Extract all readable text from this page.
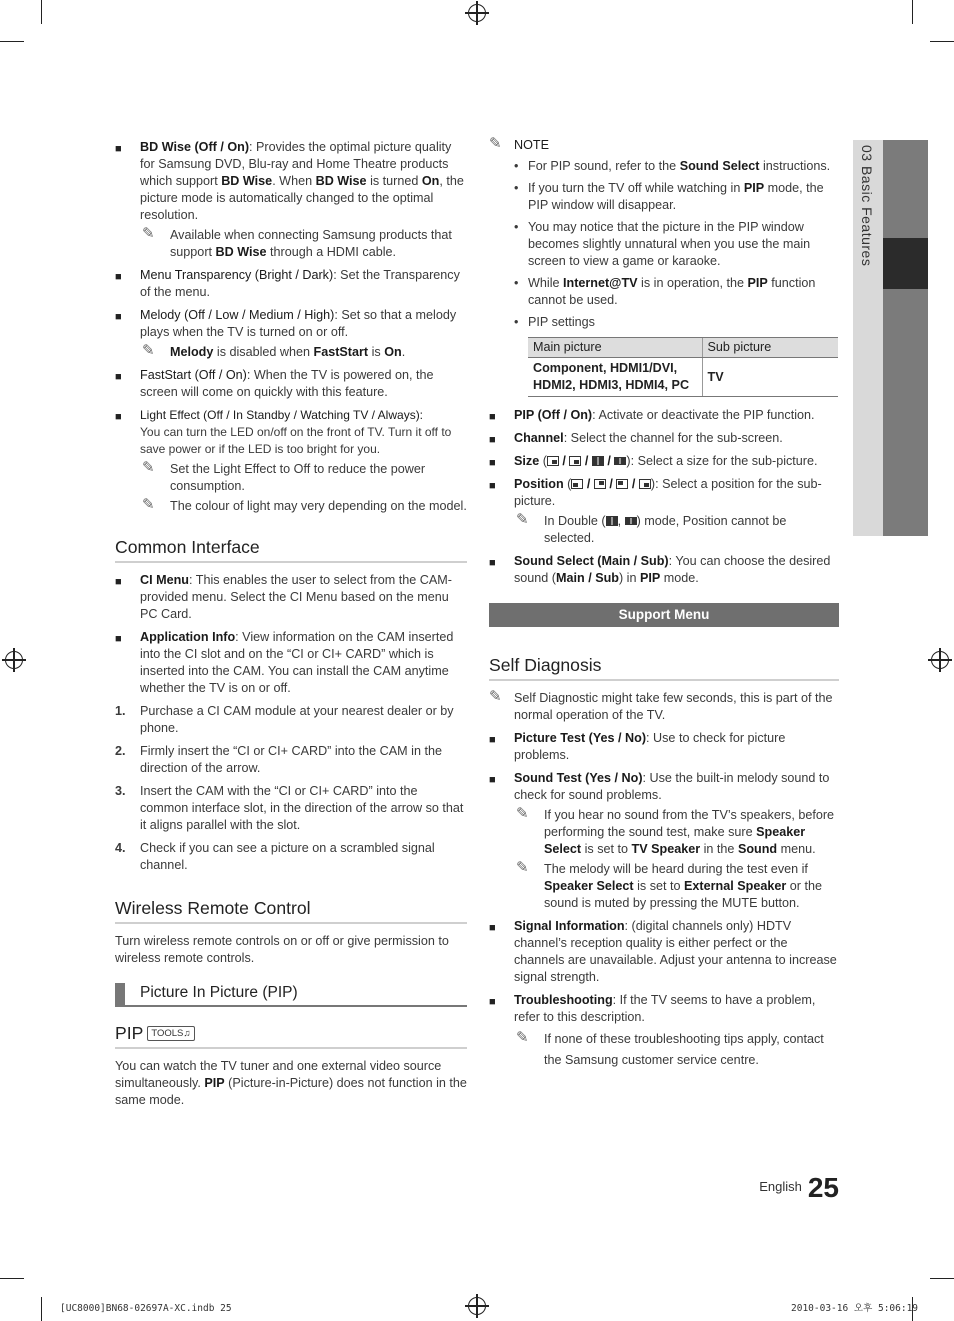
03 Basic Features
■ BD Wise (Off / On): Provides the optimal picture quality for Samsung DVD, Blu-ray and Home Theatre products which support BD Wise. When BD Wise is turned On, the picture mode is automatically changed to the optimal resolution.
✎ Available when connecting Samsung products that support BD Wise through a HDMI cable.
■ Menu Transparency (Bright / Dark): Set the Transparency of the menu.
■ Melody (Off / Low / Medium / High): Set so that a melody plays when the TV is turned on or off.
✎ Melody is disabled when FastStart is On.
■ FastStart (Off / On): When the TV is powered on, the screen will come on quickly with this feature.
■ Light Effect (Off / In Standby / Watching TV / Always):
You can turn the LED on/off on the front of TV. Turn it off to save power or if the LED is too bright for you.
✎ Set the Light Effect to Off to reduce the power consumption.
✎ The colour of light may very depending on the model.
Common Interface
■ CI Menu: This enables the user to select from the CAM-provided menu. Select the CI Menu based on the menu PC Card.
■ Application Info: View information on the CAM inserted into the CI slot and on the “CI or CI+ CARD” which is inserted into the CAM. You can install the CAM anytime whether the TV is on or off.
1. Purchase a CI CAM module at your nearest dealer or by phone.
2. Firmly insert the “CI or CI+ CARD” into the CAM in the direction of the arrow.
3. Insert the CAM with the “CI or CI+ CARD” into the common interface slot, in the direction of the arrow so that it aligns parallel with the slot.
4. Check if you can see a picture on a scrambled signal channel.
Wireless Remote Control
Turn wireless remote controls on or off or give permission to wireless remote controls.
Picture In Picture (PIP)
PIP TOOLS♫
You can watch the TV tuner and one external video source simultaneously. PIP (Picture-in-Picture) does not function in the same mode.
✎ NOTE
• For PIP sound, refer to the Sound Select instructions.
• If you turn the TV off while watching in PIP mode, the PIP window will disappear.
• You may notice that the picture in the PIP window becomes slightly unnatural when you use the main screen to view a game or karaoke.
• While Internet@TV is in operation, the PIP function cannot be used.
• PIP settings
Main picture	Sub picture
Component, HDMI1/DVI, HDMI2, HDMI3, HDMI4, PC	TV
■ PIP (Off / On): Activate or deactivate the PIP function.
■ Channel: Select the channel for the sub-screen.
■ Size ( / / / ): Select a size for the sub-picture.
■ Position ( / / / ): Select a position for the sub-picture.
✎ In Double ( , ) mode, Position cannot be selected.
■ Sound Select (Main / Sub): You can choose the desired sound (Main / Sub) in PIP mode.
Support Menu
Self Diagnosis
✎ Self Diagnostic might take few seconds, this is part of the normal operation of the TV.
■ Picture Test (Yes / No): Use to check for picture problems.
■ Sound Test (Yes / No): Use the built-in melody sound to check for sound problems.
✎ If you hear no sound from the TV’s speakers, before performing the sound test, make sure Speaker Select is set to TV Speaker in the Sound menu.
✎ The melody will be heard during the test even if Speaker Select is set to External Speaker or the sound is muted by pressing the MUTE button.
■ Signal Information: (digital channels only) HDTV channel’s reception quality is either perfect or the channels are unavailable. Adjust your antenna to increase signal strength.
■ Troubleshooting: If the TV seems to have a problem, refer to this description.
✎ If none of these troubleshooting tips apply, contact the Samsung customer service centre.
English 25
[UC8000]BN68-02697A-XC.indb 25	2010-03-16 오후 5:06:19
